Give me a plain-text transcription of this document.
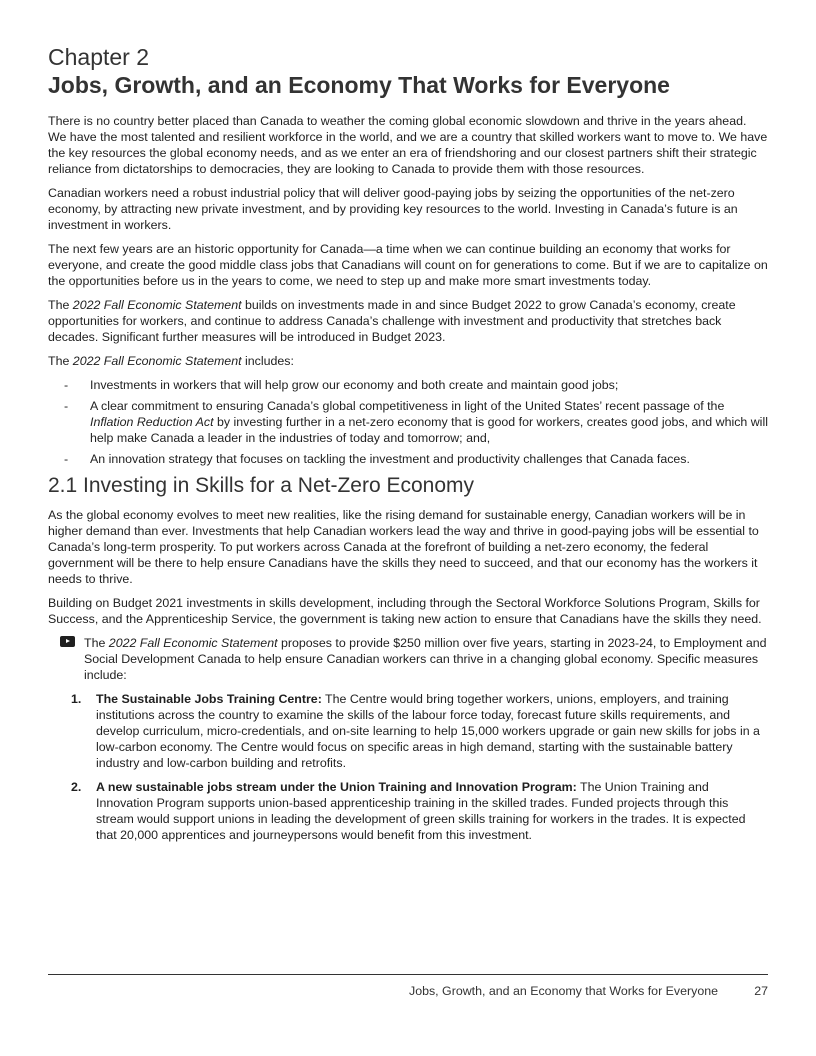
Chapter 2
Jobs, Growth, and an Economy That Works for Everyone

There is no country better placed than Canada to weather the coming global economic slowdown and thrive in the years ahead. We have the most talented and resilient workforce in the world, and we are a country that skilled workers want to move to. We have the key resources the global economy needs, and as we enter an era of friendshoring and our closest partners shift their strategic reliance from dictatorships to democracies, they are looking to Canada to provide them with those resources.

Canadian workers need a robust industrial policy that will deliver good-paying jobs by seizing the opportunities of the net-zero economy, by attracting new private investment, and by providing key resources to the world. Investing in Canada’s future is an investment in workers.

The next few years are an historic opportunity for Canada—a time when we can continue building an economy that works for everyone, and create the good middle class jobs that Canadians will count on for generations to come. But if we are to capitalize on the opportunities before us in the years to come, we need to step up and make more smart investments today.

The 2022 Fall Economic Statement builds on investments made in and since Budget 2022 to grow Canada’s economy, create opportunities for workers, and continue to address Canada’s challenge with investment and productivity that stretches back decades. Significant further measures will be introduced in Budget 2023.

The 2022 Fall Economic Statement includes:

- Investments in workers that will help grow our economy and both create and maintain good jobs;
- A clear commitment to ensuring Canada’s global competitiveness in light of the United States’ recent passage of the Inflation Reduction Act by investing further in a net-zero economy that is good for workers, creates good jobs, and which will help make Canada a leader in the industries of today and tomorrow; and,
- An innovation strategy that focuses on tackling the investment and productivity challenges that Canada faces.
2.1 Investing in Skills for a Net-Zero Economy

As the global economy evolves to meet new realities, like the rising demand for sustainable energy, Canadian workers will be in higher demand than ever. Investments that help Canadian workers lead the way and thrive in good-paying jobs will be essential to Canada’s long-term prosperity. To put workers across Canada at the forefront of building a net-zero economy, the federal government will be there to help ensure Canadians have the skills they need to succeed, and that our economy has the workers it needs to thrive.

Building on Budget 2021 investments in skills development, including through the Sectoral Workforce Solutions Program, Skills for Success, and the Apprenticeship Service, the government is taking new action to ensure that Canadians have the skills they need.

The 2022 Fall Economic Statement proposes to provide $250 million over five years, starting in 2023-24, to Employment and Social Development Canada to help ensure Canadian workers can thrive in a changing global economy. Specific measures include:
1. The Sustainable Jobs Training Centre: The Centre would bring together workers, unions, employers, and training institutions across the country to examine the skills of the labour force today, forecast future skills requirements, and develop curriculum, micro-credentials, and on-site learning to help 15,000 workers upgrade or gain new skills for jobs in a low-carbon economy. The Centre would focus on specific areas in high demand, starting with the sustainable battery industry and low-carbon building and retrofits.
2. A new sustainable jobs stream under the Union Training and Innovation Program: The Union Training and Innovation Program supports union-based apprenticeship training in the skilled trades. Funded projects through this stream would support unions in leading the development of green skills training for workers in the trades. It is expected that 20,000 apprentices and journeypersons would benefit from this investment.
Jobs, Growth, and an Economy that Works for Everyone	27
